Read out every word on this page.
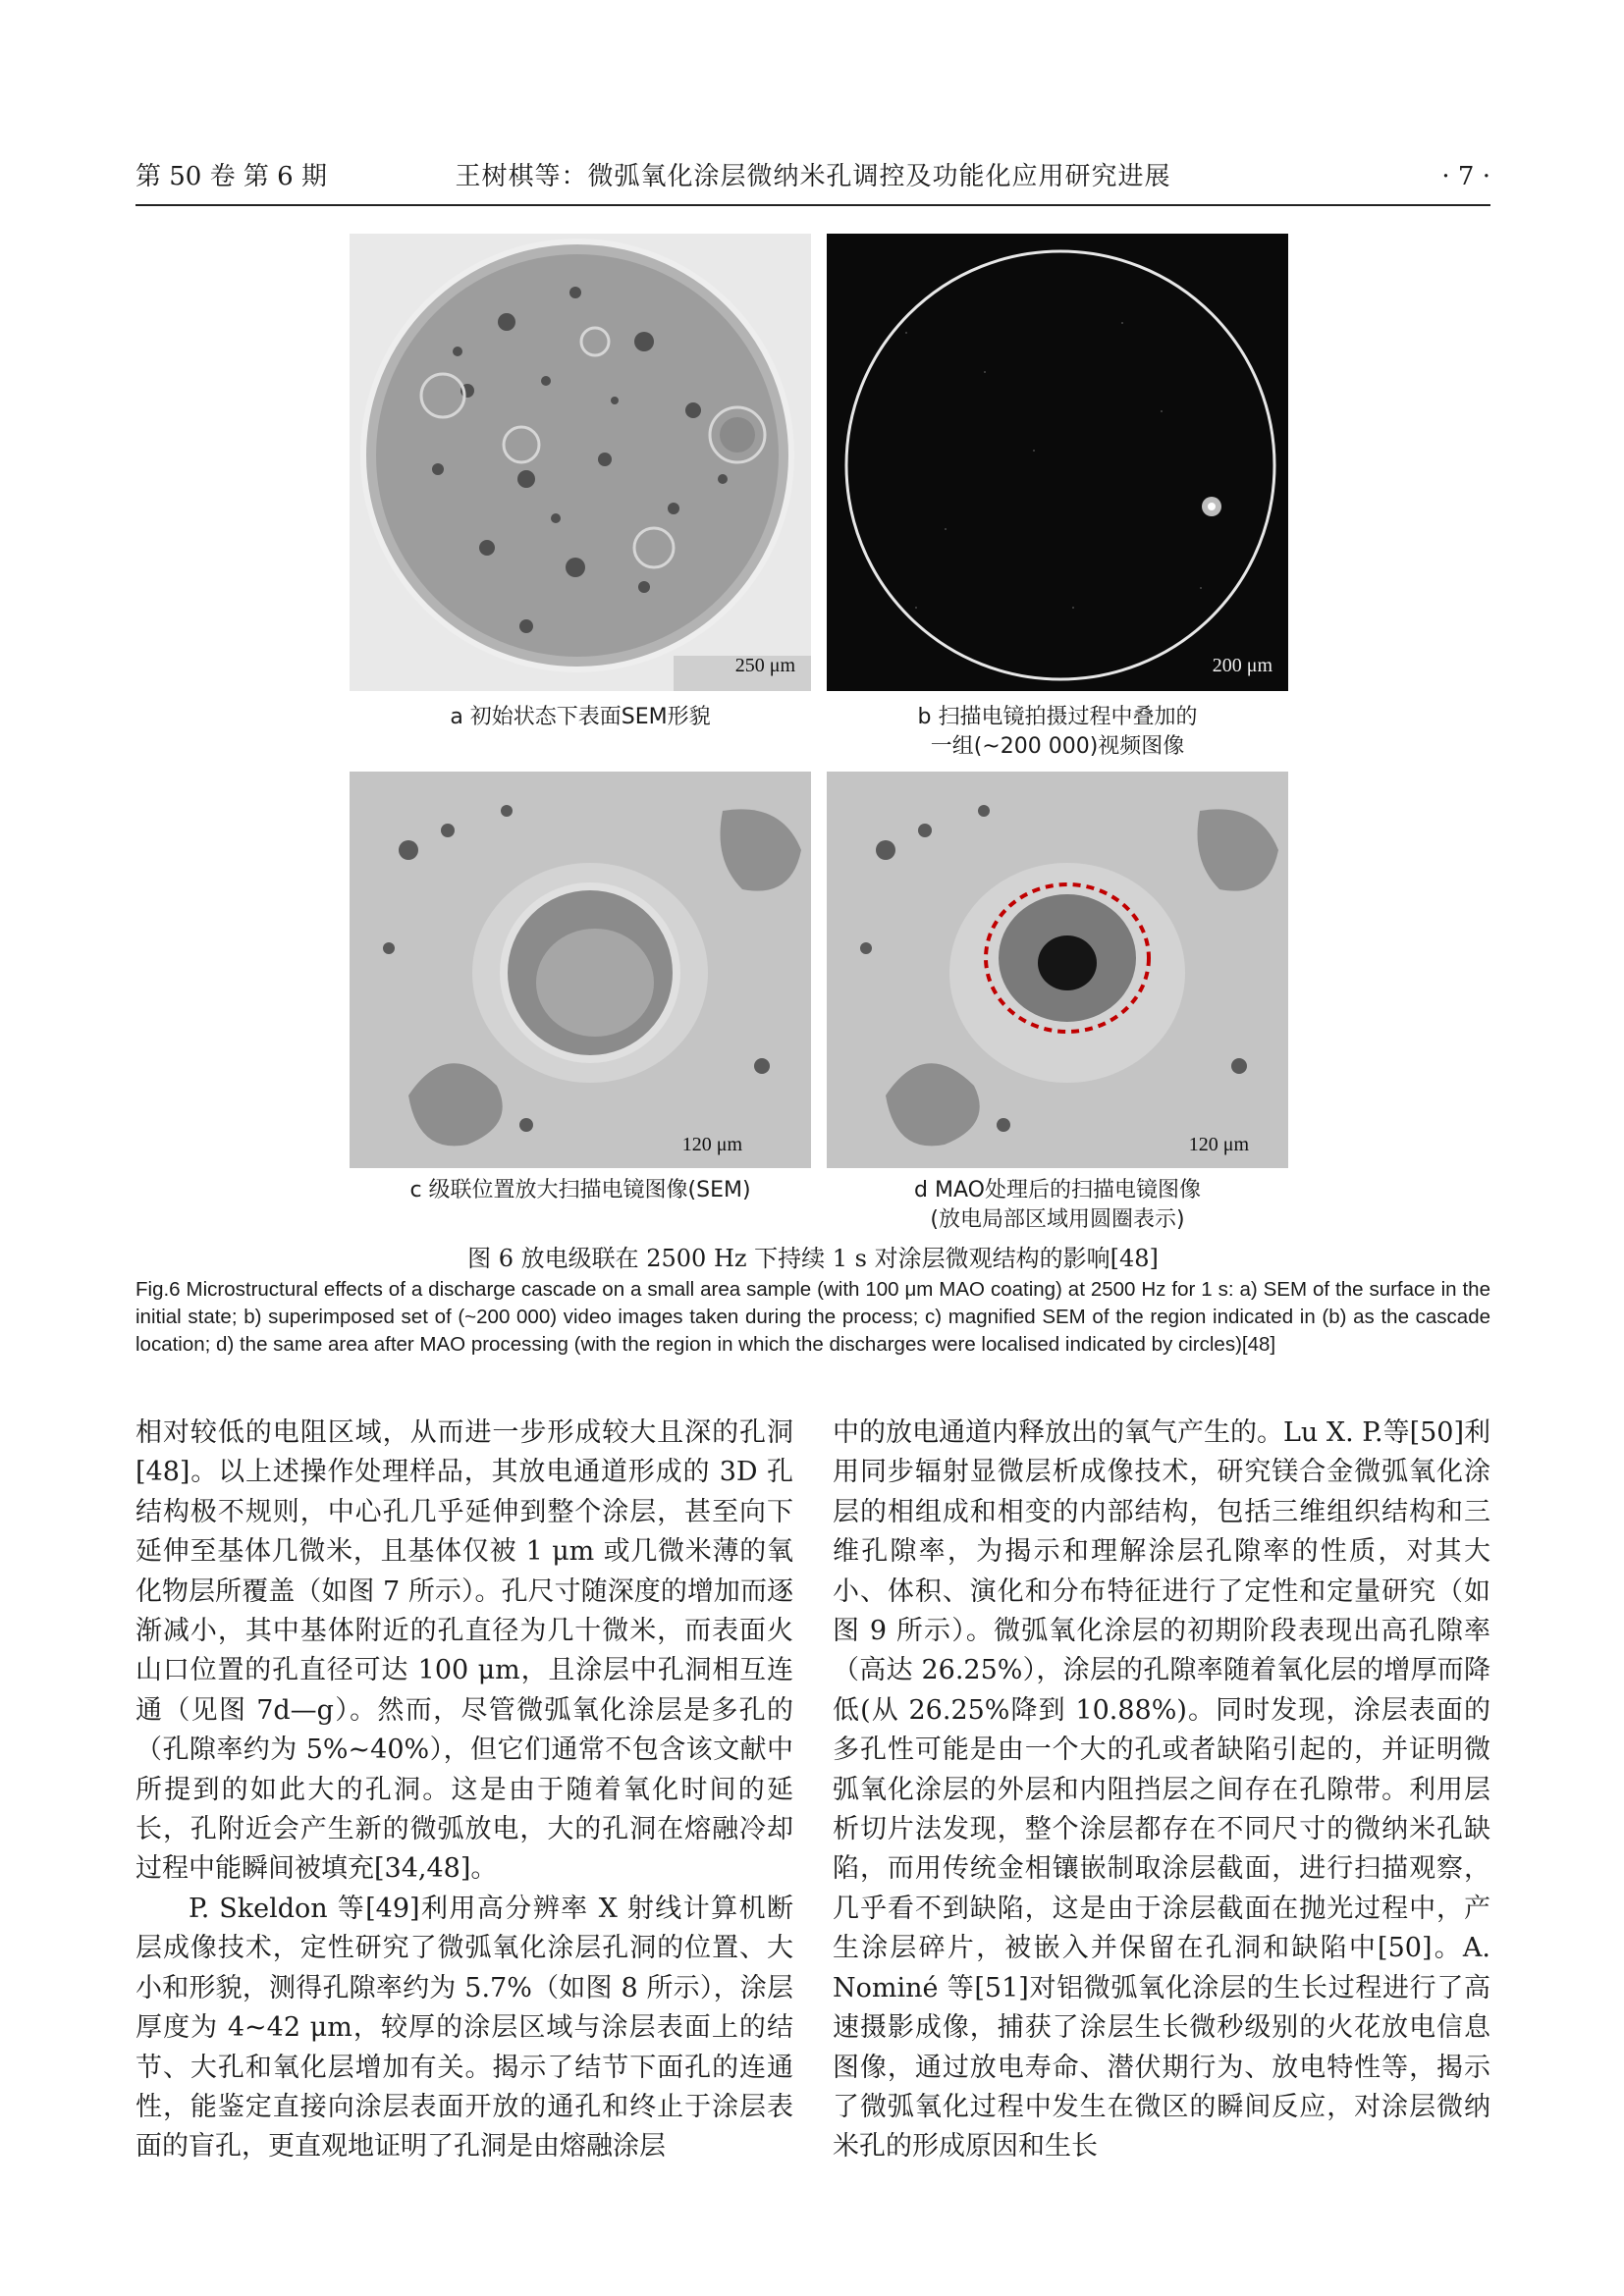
第 50 卷 第 6 期	王树棋等：微弧氧化涂层微纳米孔调控及功能化应用研究进展	· 7 ·
250 μm	200 μm
a 初始状态下表面SEM形貌	b 扫描电镜拍摄过程中叠加的
一组(~200 000)视频图像
120 μm	120 μm
c 级联位置放大扫描电镜图像(SEM)	d MAO处理后的扫描电镜图像
(放电局部区域用圆圈表示)
图 6 放电级联在 2500 Hz 下持续 1 s 对涂层微观结构的影响[48]
Fig.6 Microstructural effects of a discharge cascade on a small area sample (with 100 μm MAO coating) at 2500 Hz for 1 s: a) SEM of the surface in the initial state; b) superimposed set of (~200 000) video images taken during the process; c) magnified SEM of the region indicated in (b) as the cascade location; d) the same area after MAO processing (with the region in which the discharges were localised indicated by circles)[48]

相对较低的电阻区域，从而进一步形成较大且深的孔洞[48]。以上述操作处理样品，其放电通道形成的 3D 孔结构极不规则，中心孔几乎延伸到整个涂层，甚至向下延伸至基体几微米，且基体仅被 1 μm 或几微米薄的氧化物层所覆盖（如图 7 所示）。孔尺寸随深度的增加而逐渐减小，其中基体附近的孔直径为几十微米，而表面火山口位置的孔直径可达 100 μm，且涂层中孔洞相互连通（见图 7d—g）。然而，尽管微弧氧化涂层是多孔的（孔隙率约为 5%~40%），但它们通常不包含该文献中所提到的如此大的孔洞。这是由于随着氧化时间的延长，孔附近会产生新的微弧放电，大的孔洞在熔融冷却过程中能瞬间被填充[34,48]。

P. Skeldon 等[49]利用高分辨率 X 射线计算机断层成像技术，定性研究了微弧氧化涂层孔洞的位置、大小和形貌，测得孔隙率约为 5.7%（如图 8 所示），涂层厚度为 4~42 μm，较厚的涂层区域与涂层表面上的结节、大孔和氧化层增加有关。揭示了结节下面孔的连通性，能鉴定直接向涂层表面开放的通孔和终止于涂层表面的盲孔，更直观地证明了孔洞是由熔融涂层

中的放电通道内释放出的氧气产生的。Lu X. P.等[50]利用同步辐射显微层析成像技术，研究镁合金微弧氧化涂层的相组成和相变的内部结构，包括三维组织结构和三维孔隙率，为揭示和理解涂层孔隙率的性质，对其大小、体积、演化和分布特征进行了定性和定量研究（如图 9 所示）。微弧氧化涂层的初期阶段表现出高孔隙率（高达 26.25%），涂层的孔隙率随着氧化层的增厚而降低(从 26.25%降到 10.88%)。同时发现，涂层表面的多孔性可能是由一个大的孔或者缺陷引起的，并证明微弧氧化涂层的外层和内阻挡层之间存在孔隙带。利用层析切片法发现，整个涂层都存在不同尺寸的微纳米孔缺陷，而用传统金相镶嵌制取涂层截面，进行扫描观察，几乎看不到缺陷，这是由于涂层截面在抛光过程中，产生涂层碎片，被嵌入并保留在孔洞和缺陷中[50]。A. Nominé 等[51]对铝微弧氧化涂层的生长过程进行了高速摄影成像，捕获了涂层生长微秒级别的火花放电信息图像，通过放电寿命、潜伏期行为、放电特性等，揭示了微弧氧化过程中发生在微区的瞬间反应，对涂层微纳米孔的形成原因和生长
